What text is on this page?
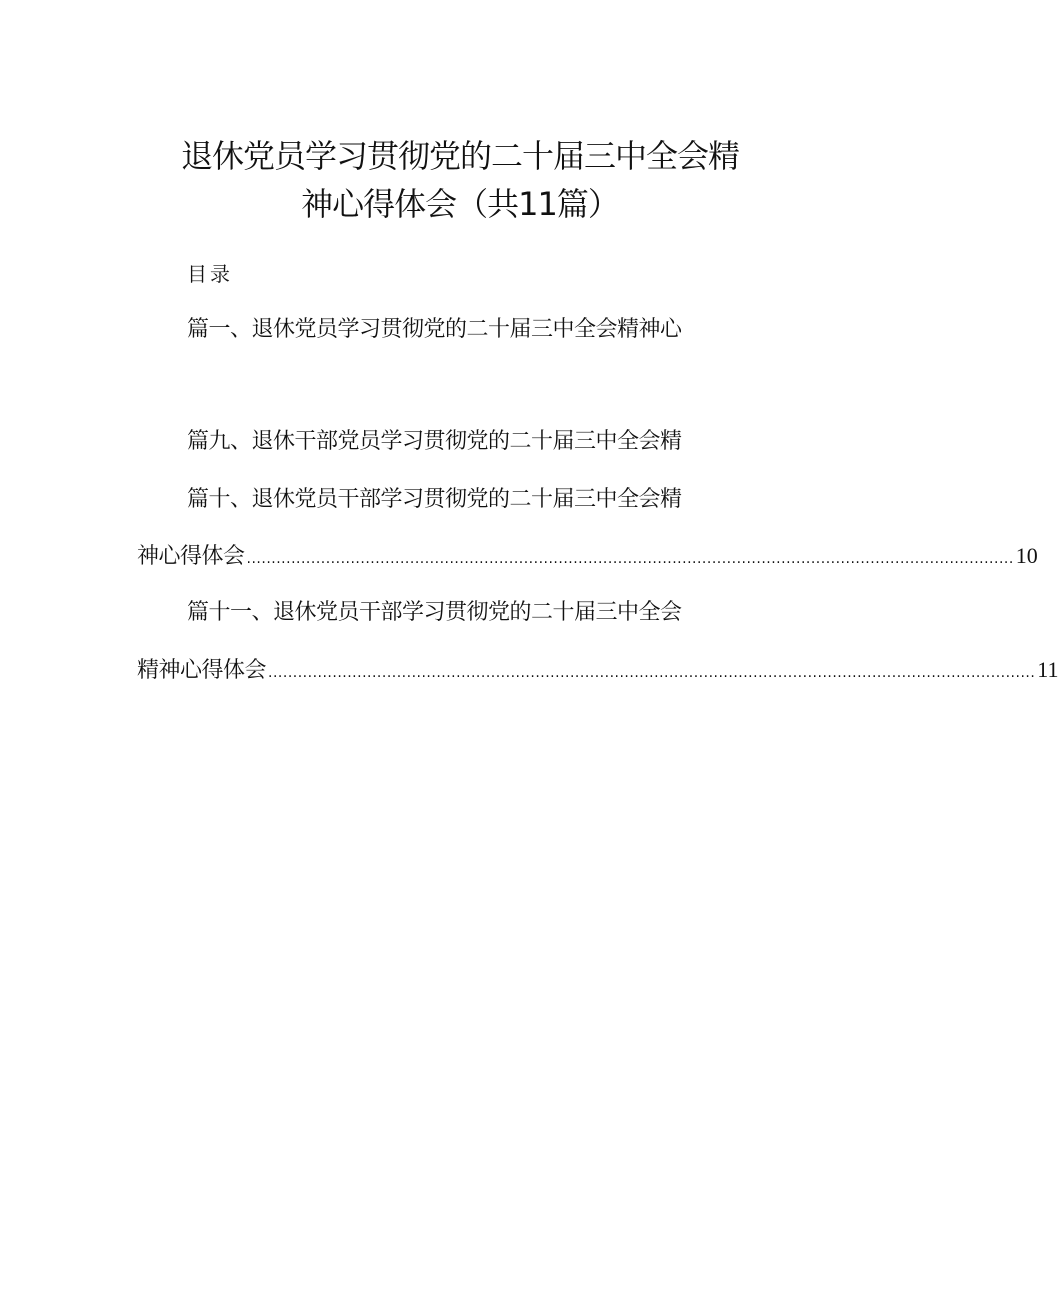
退休党员学习贯彻党的二十届三中全会精
神心得体会（共11篇）
目录
篇一、退休党员学习贯彻党的二十届三中全会精神心
篇九、退休干部党员学习贯彻党的二十届三中全会精
篇十、退休党员干部学习贯彻党的二十届三中全会精
神心得体会 ........................................................................................................................................................... 10
篇十一、退休党员干部学习贯彻党的二十届三中全会
精神心得体会 ........................................................................................................................................................... 11
